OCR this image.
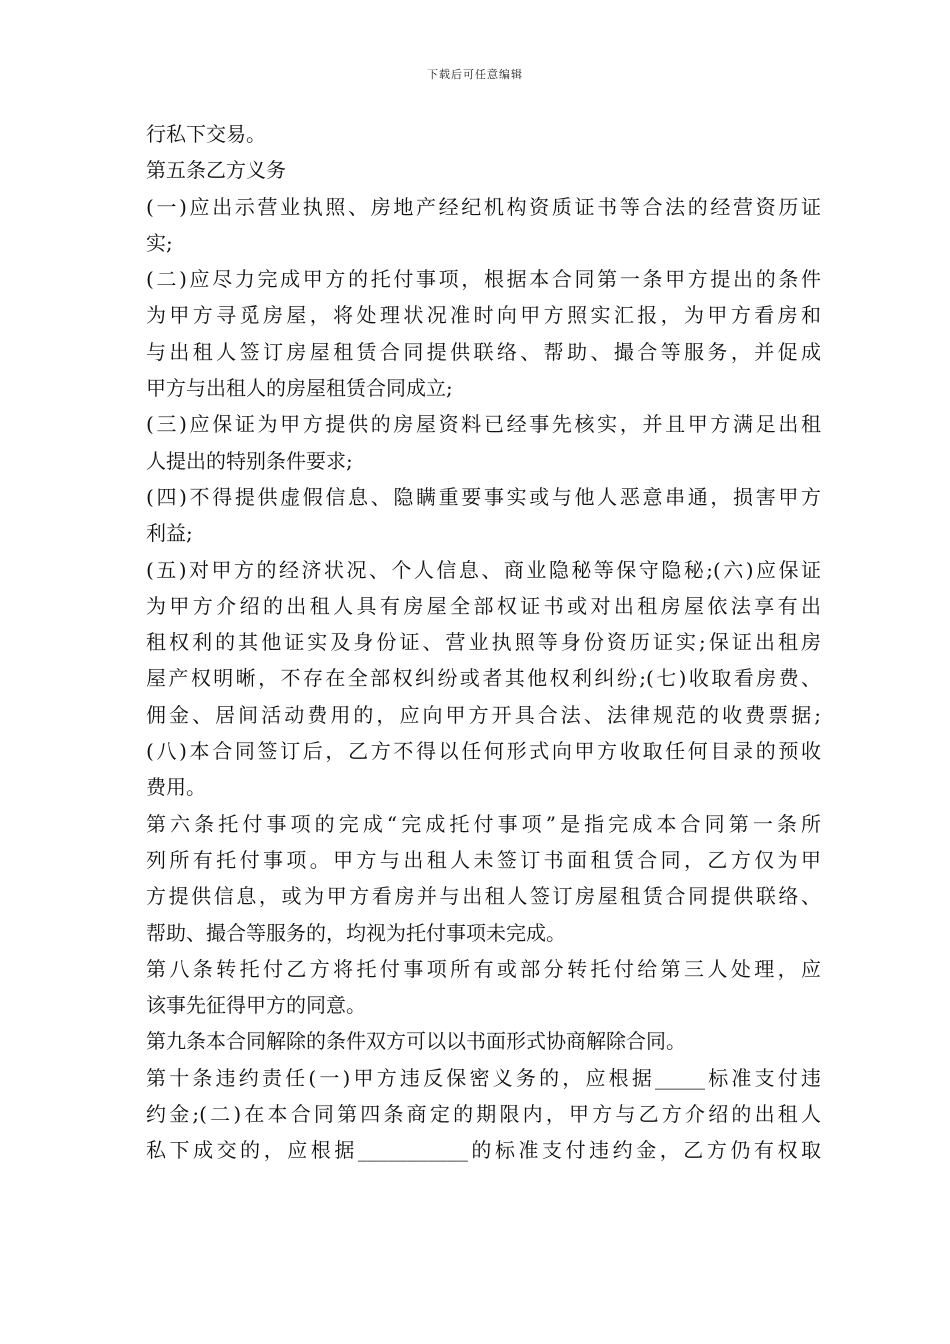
下载后可任意编辑
行私下交易。
第五条乙方义务
(一)应出示营业执照、房地产经纪机构资质证书等合法的经营资历证
实;
(二)应尽力完成甲方的托付事项，根据本合同第一条甲方提出的条件
为甲方寻觅房屋，将处理状况准时向甲方照实汇报，为甲方看房和
与出租人签订房屋租赁合同提供联络、帮助、撮合等服务，并促成
甲方与出租人的房屋租赁合同成立;
(三)应保证为甲方提供的房屋资料已经事先核实，并且甲方满足出租
人提出的特别条件要求;
(四)不得提供虚假信息、隐瞒重要事实或与他人恶意串通，损害甲方
利益;
(五)对甲方的经济状况、个人信息、商业隐秘等保守隐秘;(六)应保证
为甲方介绍的出租人具有房屋全部权证书或对出租房屋依法享有出
租权利的其他证实及身份证、营业执照等身份资历证实;保证出租房
屋产权明晰，不存在全部权纠纷或者其他权利纠纷;(七)收取看房费、
佣金、居间活动费用的，应向甲方开具合法、法律规范的收费票据;
(八)本合同签订后，乙方不得以任何形式向甲方收取任何目录的预收
费用。
第六条托付事项的完成“完成托付事项”是指完成本合同第一条所
列所有托付事项。甲方与出租人未签订书面租赁合同，乙方仅为甲
方提供信息，或为甲方看房并与出租人签订房屋租赁合同提供联络、
帮助、撮合等服务的，均视为托付事项未完成。
第八条转托付乙方将托付事项所有或部分转托付给第三人处理，应
该事先征得甲方的同意。
第九条本合同解除的条件双方可以以书面形式协商解除合同。
第十条违约责任(一)甲方违反保密义务的，应根据_____标准支付违
约金;(二)在本合同第四条商定的期限内，甲方与乙方介绍的出租人
私下成交的，应根据___________的标准支付违约金，乙方仍有权取
